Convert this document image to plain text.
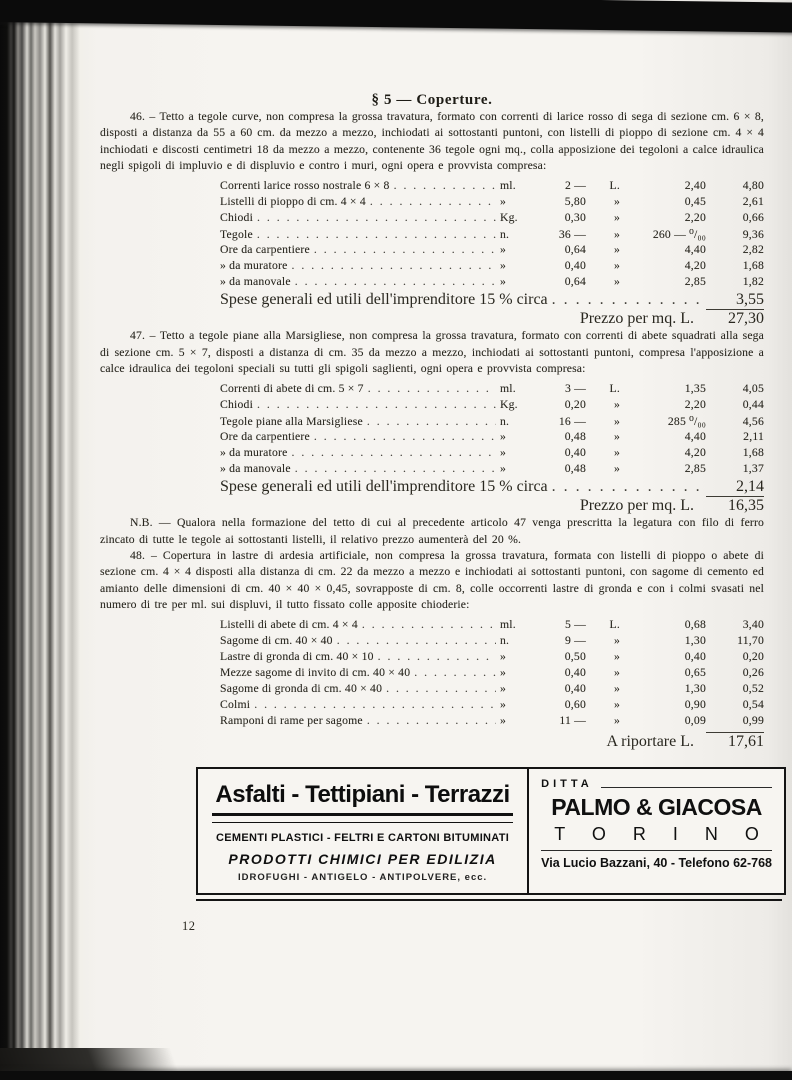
§ 5 — Coperture.

46. – Tetto a tegole curve, non compresa la grossa travatura, formato con correnti di larice rosso di sega di sezione cm. 6 × 8, disposti a distanza da 55 a 60 cm. da mezzo a mezzo, inchiodati ai sottostanti puntoni, con listelli di pioppo di sezione cm. 4 × 4 inchiodati e discosti centimetri 18 da mezzo a mezzo, contenente 36 tegole ogni mq., colla apposizione dei tegoloni a calce idraulica negli spigoli di impluvio e di displuvio e contro i muri, ogni opera e provvista compresa:

Correnti larice rosso nostrale 6 × 8 . .	ml.	2 —	L.	2,40	4,80
Listelli di pioppo di cm. 4 × 4 . .	»	5,80	»	0,45	2,61
Chiodi . .	Kg.	0,30	»	2,20	0,66
Tegole . .	n.	36 —	»	260 — ⁰/₀₀	9,36
Ore da carpentiere . .	»	0,64	»	4,40	2,82
» da muratore . .	»	0,40	»	4,20	1,68
» da manovale . .	»	0,64	»	2,85	1,82
Spese generali ed utili dell'imprenditore 15 % circa . .	3,55
Prezzo per mq. L.	27,30

47. – Tetto a tegole piane alla Marsigliese, non compresa la grossa travatura, formato con correnti di abete squadrati alla sega di sezione cm. 5 × 7, disposti a distanza di cm. 35 da mezzo a mezzo, inchiodati ai sottostanti puntoni, compresa l'apposizione a calce idraulica dei tegoloni speciali su tutti gli spigoli saglienti, ogni opera e provvista compresa:

Correnti di abete di cm. 5 × 7 . .	ml.	3 —	L.	1,35	4,05
Chiodi . .	Kg.	0,20	»	2,20	0,44
Tegole piane alla Marsigliese . .	n.	16 —	»	285 ⁰/₀₀	4,56
Ore da carpentiere . .	»	0,48	»	4,40	2,11
» da muratore . .	»	0,40	»	4,20	1,68
» da manovale . .	»	0,48	»	2,85	1,37
Spese generali ed utili dell'imprenditore 15 % circa . .	2,14
Prezzo per mq. L.	16,35

N.B. — Qualora nella formazione del tetto di cui al precedente articolo 47 venga prescritta la legatura con filo di ferro zincato di tutte le tegole ai sottostanti listelli, il relativo prezzo aumenterà del 20 %.

48. – Copertura in lastre di ardesia artificiale, non compresa la grossa travatura, formata con listelli di pioppo o abete di sezione cm. 4 × 4 disposti alla distanza di cm. 22 da mezzo a mezzo e inchiodati ai sottostanti puntoni, con sagome di cemento ed amianto delle dimensioni di cm. 40 × 40 × 0,45, sovrapposte di cm. 8, colle occorrenti lastre di gronda e con i colmi svasati nel numero di tre per ml. sui displuvi, il tutto fissato colle apposite chioderie:

Listelli di abete di cm. 4 × 4 . .	ml.	5 —	L.	0,68	3,40
Sagome di cm. 40 × 40 . .	n.	9 —	»	1,30	11,70
Lastre di gronda di cm. 40 × 10 . .	»	0,50	»	0,40	0,20
Mezze sagome di invito di cm. 40 × 40 . .	»	0,40	»	0,65	0,26
Sagome di gronda di cm. 40 × 40 . .	»	0,40	»	1,30	0,52
Colmi . .	»	0,60	»	0,90	0,54
Ramponi di rame per sagome . .	»	11 —	»	0,09	0,99
A riportare L.	17,61
Asfalti - Tettipiani - Terrazzi
CEMENTI PLASTICI - FELTRI E CARTONI BITUMINATI
PRODOTTI CHIMICI PER EDILIZIA
IDROFUGHI - ANTIGELO - ANTIPOLVERE, ecc.
DITTA
PALMO & GIACOSA
T O R I N O
Via Lucio Bazzani, 40 - Telefono 62-768
12
